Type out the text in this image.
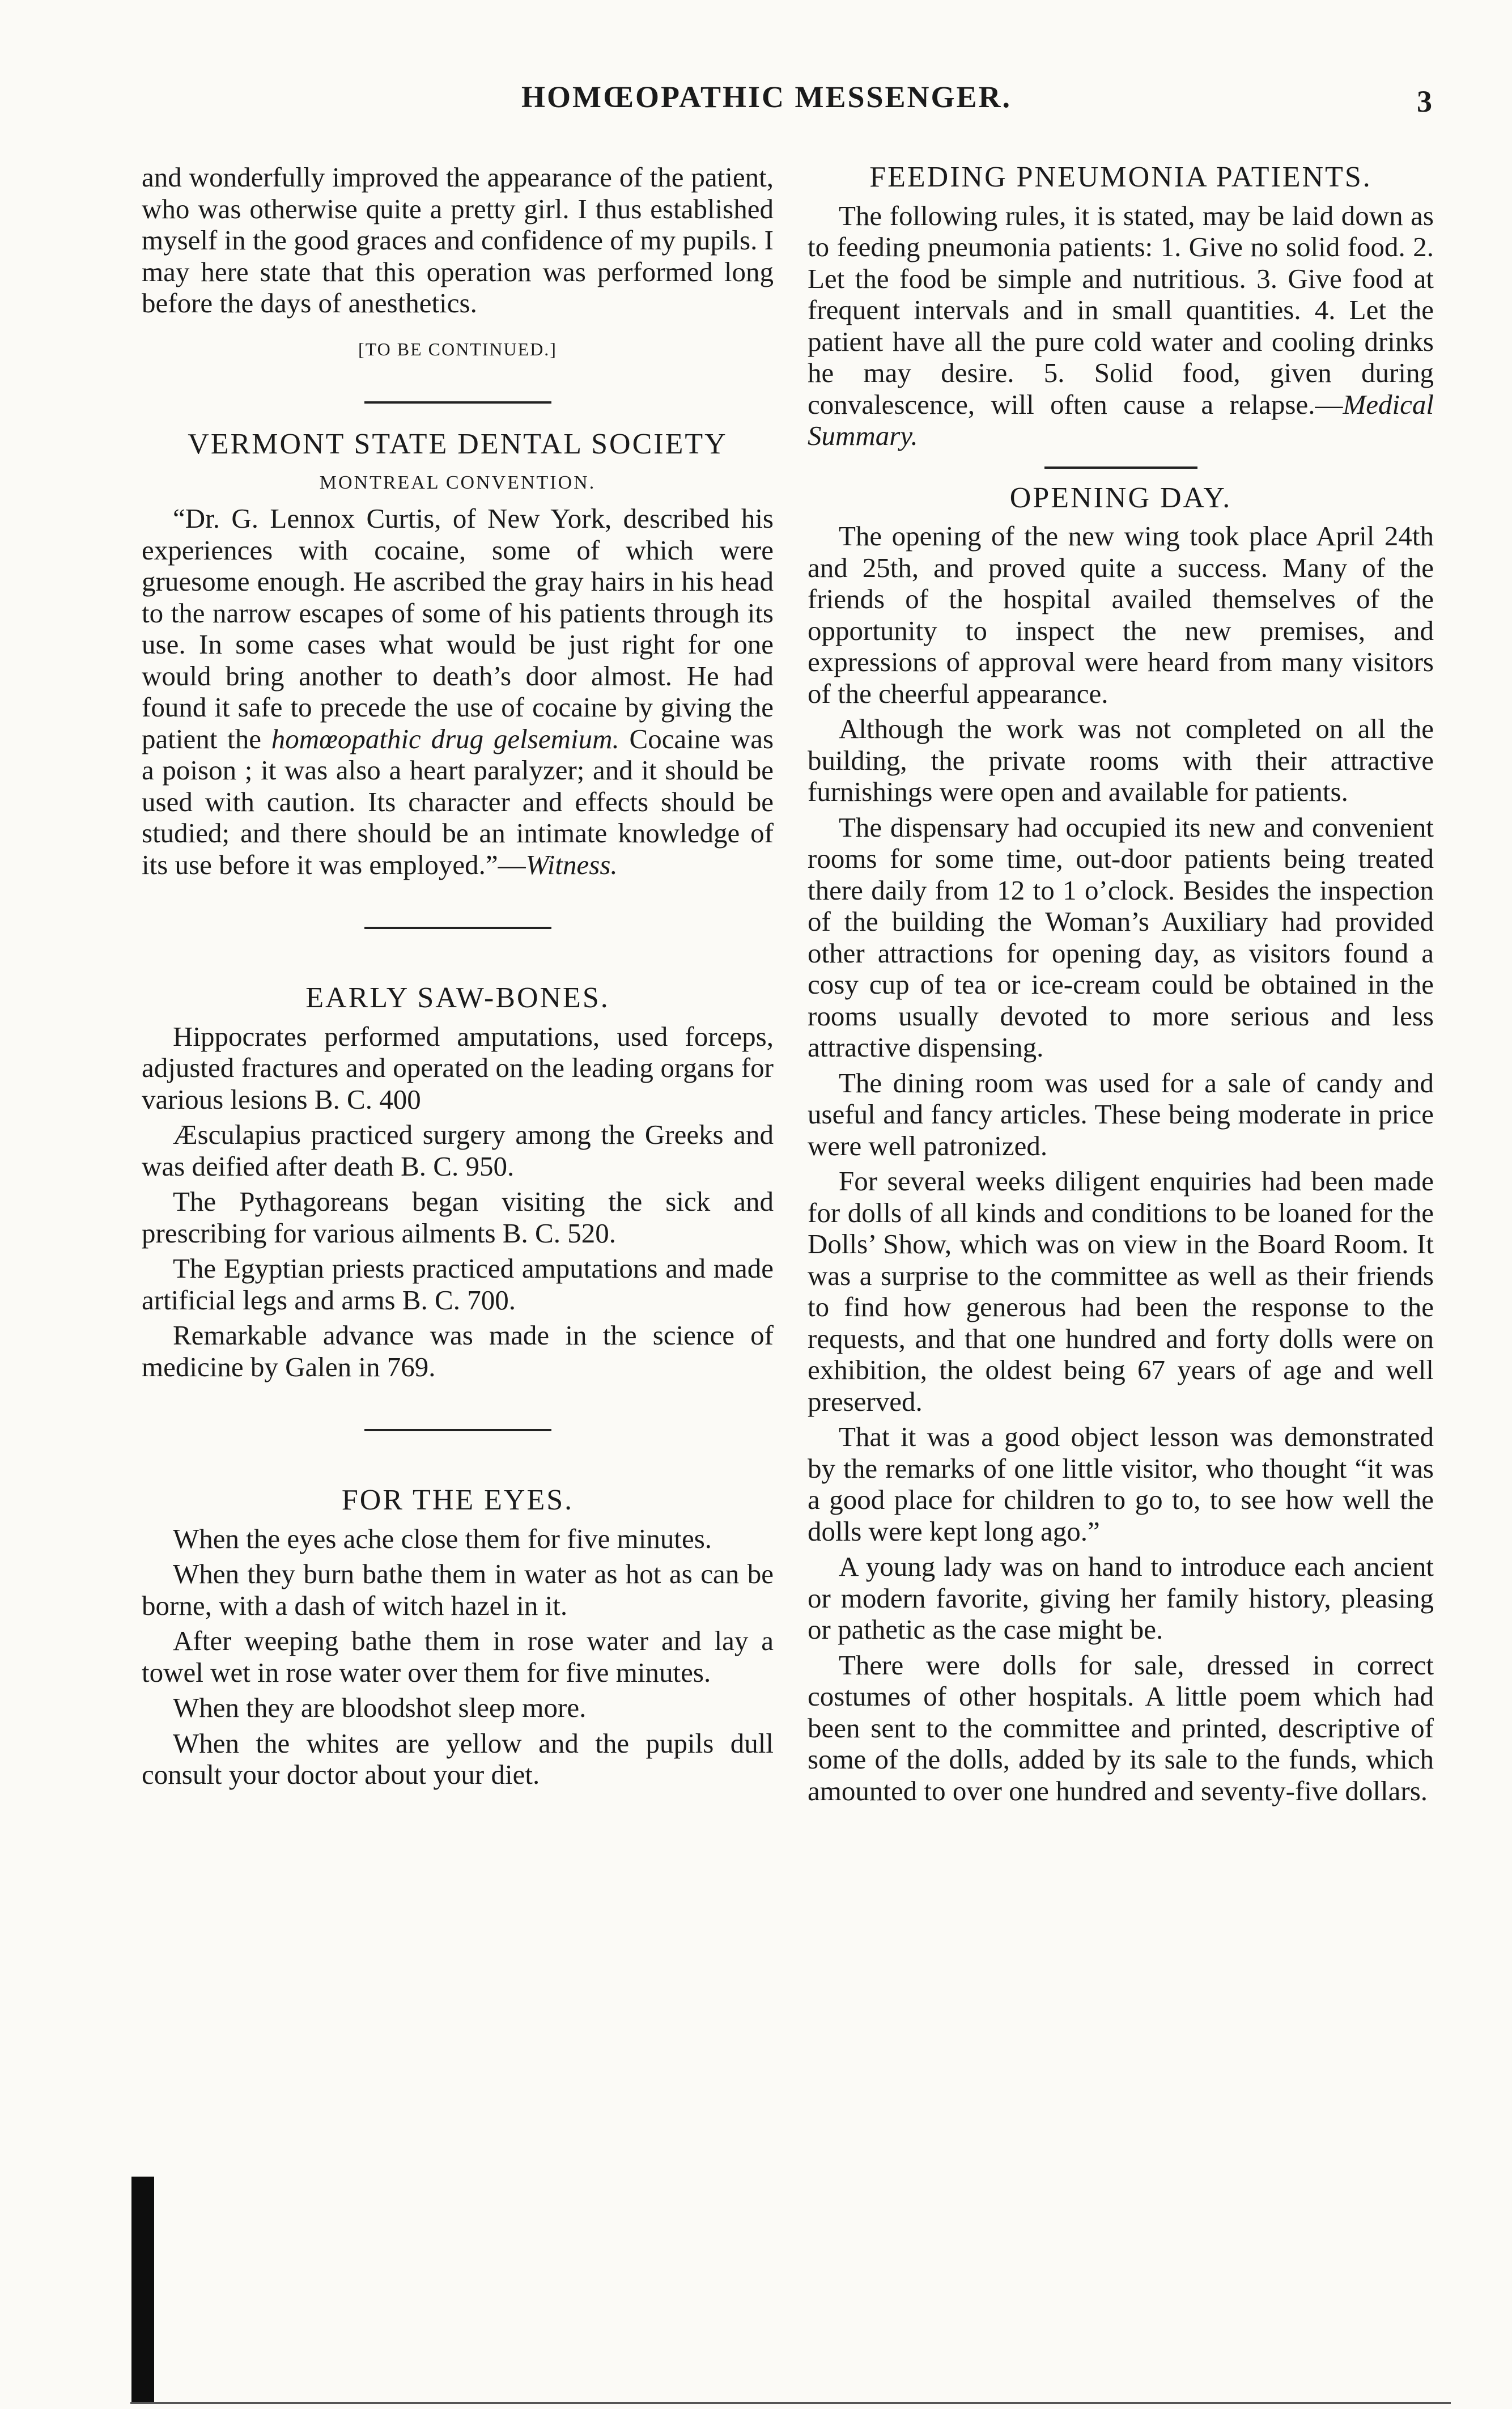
HOMŒOPATHIC MESSENGER.	3

and wonderfully improved the appearance of the patient, who was otherwise quite a pretty girl. I thus established myself in the good graces and confidence of my pupils. I may here state that this operation was performed long before the days of anesthetics.

[TO BE CONTINUED.]
VERMONT STATE DENTAL SOCIETY
MONTREAL CONVENTION.

“Dr. G. Lennox Curtis, of New York, described his experiences with cocaine, some of which were gruesome enough. He ascribed the gray hairs in his head to the narrow escapes of some of his patients through its use. In some cases what would be just right for one would bring another to death’s door almost. He had found it safe to precede the use of cocaine by giving the patient the homœopathic drug gelsemium. Cocaine was a poison ; it was also a heart paralyzer; and it should be used with caution. Its character and effects should be studied; and there should be an intimate knowledge of its use before it was employed.”—Witness.

EARLY SAW-BONES.

Hippocrates performed amputations, used forceps, adjusted fractures and operated on the leading organs for various lesions B. C. 400

Æsculapius practiced surgery among the Greeks and was deified after death B. C. 950.

The Pythagoreans began visiting the sick and prescribing for various ailments B. C. 520.

The Egyptian priests practiced amputations and made artificial legs and arms B. C. 700.

Remarkable advance was made in the science of medicine by Galen in 769.

FOR THE EYES.

When the eyes ache close them for five minutes.

When they burn bathe them in water as hot as can be borne, with a dash of witch hazel in it.

After weeping bathe them in rose water and lay a towel wet in rose water over them for five minutes.

When they are bloodshot sleep more.

When the whites are yellow and the pupils dull consult your doctor about your diet.

FEEDING PNEUMONIA PATIENTS.

The following rules, it is stated, may be laid down as to feeding pneumonia patients: 1. Give no solid food. 2. Let the food be simple and nutritious. 3. Give food at frequent intervals and in small quantities. 4. Let the patient have all the pure cold water and cooling drinks he may desire. 5. Solid food, given during convalescence, will often cause a relapse.—Medical Summary.

OPENING DAY.

The opening of the new wing took place April 24th and 25th, and proved quite a success. Many of the friends of the hospital availed themselves of the opportunity to inspect the new premises, and expressions of approval were heard from many visitors of the cheerful appearance.

Although the work was not completed on all the building, the private rooms with their attractive furnishings were open and available for patients.

The dispensary had occupied its new and convenient rooms for some time, out-door patients being treated there daily from 12 to 1 o’clock. Besides the inspection of the building the Woman’s Auxiliary had provided other attractions for opening day, as visitors found a cosy cup of tea or ice-cream could be obtained in the rooms usually devoted to more serious and less attractive dispensing.

The dining room was used for a sale of candy and useful and fancy articles. These being moderate in price were well patronized.

For several weeks diligent enquiries had been made for dolls of all kinds and conditions to be loaned for the Dolls’ Show, which was on view in the Board Room. It was a surprise to the committee as well as their friends to find how generous had been the response to the requests, and that one hundred and forty dolls were on exhibition, the oldest being 67 years of age and well preserved.

That it was a good object lesson was demonstrated by the remarks of one little visitor, who thought “it was a good place for children to go to, to see how well the dolls were kept long ago.”

A young lady was on hand to introduce each ancient or modern favorite, giving her family history, pleasing or pathetic as the case might be.

There were dolls for sale, dressed in correct costumes of other hospitals. A little poem which had been sent to the committee and printed, descriptive of some of the dolls, added by its sale to the funds, which amounted to over one hundred and seventy-five dollars.
